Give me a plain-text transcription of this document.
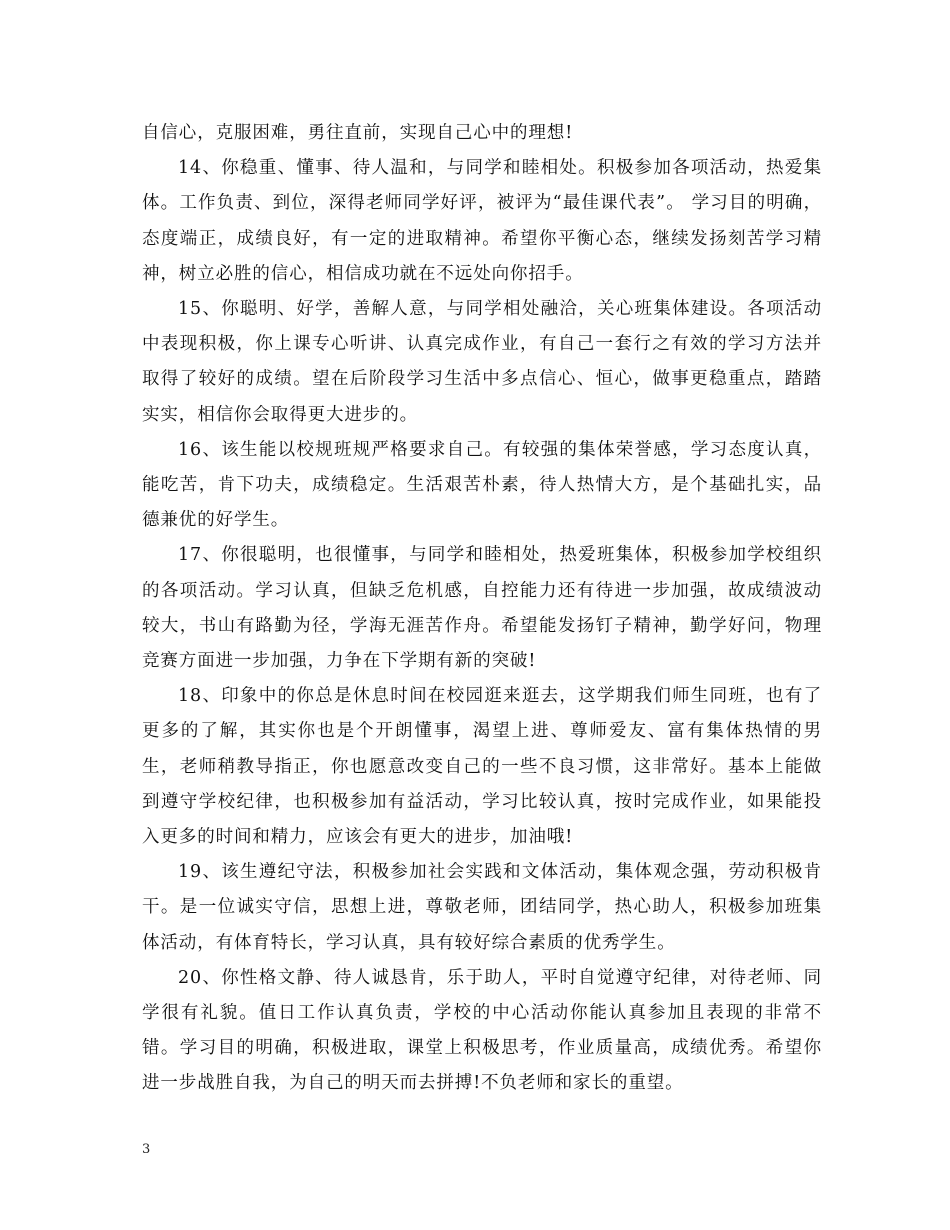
自信心，克服困难，勇往直前，实现自己心中的理想!

14、你稳重、懂事、待人温和，与同学和睦相处。积极参加各项活动，热爱集体。工作负责、到位，深得老师同学好评，被评为“最佳课代表”。 学习目的明确，态度端正，成绩良好，有一定的进取精神。希望你平衡心态，继续发扬刻苦学习精神，树立必胜的信心，相信成功就在不远处向你招手。

15、你聪明、好学，善解人意，与同学相处融洽，关心班集体建设。各项活动中表现积极，你上课专心听讲、认真完成作业，有自己一套行之有效的学习方法并取得了较好的成绩。望在后阶段学习生活中多点信心、恒心，做事更稳重点，踏踏实实，相信你会取得更大进步的。

16、该生能以校规班规严格要求自己。有较强的集体荣誉感，学习态度认真，能吃苦，肯下功夫，成绩稳定。生活艰苦朴素，待人热情大方，是个基础扎实，品德兼优的好学生。

17、你很聪明，也很懂事，与同学和睦相处，热爱班集体，积极参加学校组织的各项活动。学习认真，但缺乏危机感，自控能力还有待进一步加强，故成绩波动较大，书山有路勤为径，学海无涯苦作舟。希望能发扬钉子精神，勤学好问，物理竞赛方面进一步加强，力争在下学期有新的突破!

18、印象中的你总是休息时间在校园逛来逛去，这学期我们师生同班，也有了更多的了解，其实你也是个开朗懂事，渴望上进、尊师爱友、富有集体热情的男生，老师稍教导指正，你也愿意改变自己的一些不良习惯，这非常好。基本上能做到遵守学校纪律，也积极参加有益活动，学习比较认真，按时完成作业，如果能投入更多的时间和精力，应该会有更大的进步，加油哦!

19、该生遵纪守法，积极参加社会实践和文体活动，集体观念强，劳动积极肯干。是一位诚实守信，思想上进，尊敬老师，团结同学，热心助人，积极参加班集体活动，有体育特长，学习认真，具有较好综合素质的优秀学生。

20、你性格文静、待人诚恳肯，乐于助人，平时自觉遵守纪律，对待老师、同学很有礼貌。值日工作认真负责，学校的中心活动你能认真参加且表现的非常不错。学习目的明确，积极进取，课堂上积极思考，作业质量高，成绩优秀。希望你进一步战胜自我，为自己的明天而去拼搏!不负老师和家长的重望。

3
